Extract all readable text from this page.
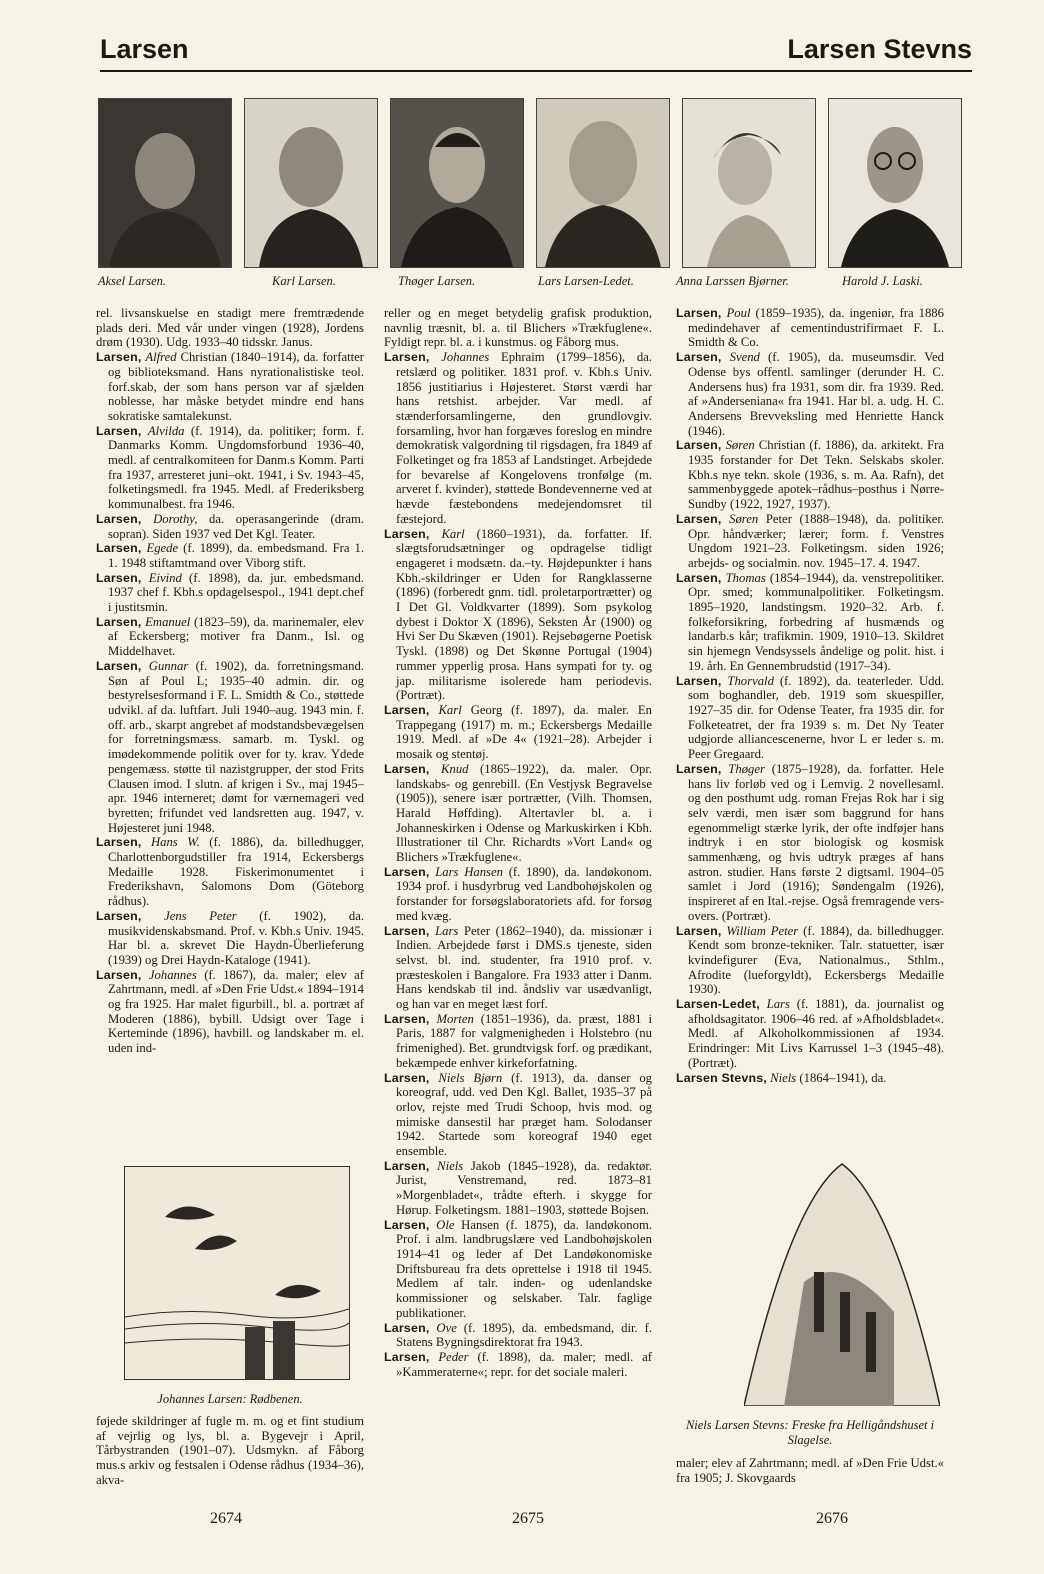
Larsen	Larsen Stevns
Aksel Larsen.	Karl Larsen.	Thøger Larsen.	Lars Larsen-Ledet.	Anna Larssen Bjørner.	Harold J. Laski.

rel. livsanskuelse en stadigt mere fremtrædende plads deri. Med vår under vingen (1928), Jordens drøm (1930). Udg. 1933–40 tidsskr. Janus.

Larsen, Alfred Christian (1840–1914), da. forfatter og biblioteksmand. Hans nyrationalistiske teol. forf.skab, der som hans person var af sjælden noblesse, har måske betydet mindre end hans sokratiske samtalekunst.

Larsen, Alvilda (f. 1914), da. politiker; form. f. Danmarks Komm. Ungdomsforbund 1936–40, medl. af centralkomiteen for Danm.s Komm. Parti fra 1937, arresteret juni–okt. 1941, i Sv. 1943–45, folketingsmedl. fra 1945. Medl. af Frederiksberg kommunalbest. fra 1946.

Larsen, Dorothy, da. operasangerinde (dram. sopran). Siden 1937 ved Det Kgl. Teater.

Larsen, Egede (f. 1899), da. embedsmand. Fra 1. 1. 1948 stiftamtmand over Viborg stift.

Larsen, Eivind (f. 1898), da. jur. embedsmand. 1937 chef f. Kbh.s opdagelsespol., 1941 dept.chef i justitsmin.

Larsen, Emanuel (1823–59), da. marinemaler, elev af Eckersberg; motiver fra Danm., Isl. og Middelhavet.

Larsen, Gunnar (f. 1902), da. forretningsmand. Søn af Poul L; 1935–40 admin. dir. og bestyrelsesformand i F. L. Smidth & Co., støttede udvikl. af da. luftfart. Juli 1940–aug. 1943 min. f. off. arb., skarpt angrebet af modstandsbevægelsen for forretningsmæss. samarb. m. Tyskl. og imødekommende politik over for ty. krav. Ydede pengemæss. støtte til nazistgrupper, der stod Frits Clausen imod. I slutn. af krigen i Sv., maj 1945–apr. 1946 interneret; dømt for værnemageri ved byretten; frifundet ved landsretten aug. 1947, v. Højesteret juni 1948.

Larsen, Hans W. (f. 1886), da. billedhugger, Charlottenborgudstiller fra 1914, Eckersbergs Medaille 1928. Fiskerimonumentet i Frederikshavn, Salomons Dom (Göteborg rådhus).

Larsen, Jens Peter (f. 1902), da. musikvidenskabsmand. Prof. v. Kbh.s Univ. 1945. Har bl. a. skrevet Die Haydn-Überlieferung (1939) og Drei Haydn-Kataloge (1941).

Larsen, Johannes (f. 1867), da. maler; elev af Zahrtmann, medl. af »Den Frie Udst.« 1894–1914 og fra 1925. Har malet figurbill., bl. a. portræt af Moderen (1886), bybill. Udsigt over Tage i Kerteminde (1896), havbill. og landskaber m. el. uden ind-

Johannes Larsen: Rødbenen.

føjede skildringer af fugle m. m. og et fint studium af vejrlig og lys, bl. a. Bygevejr i April, Tårbystranden (1901–07). Udsmykn. af Fåborg mus.s arkiv og festsalen i Odense rådhus (1934–36), akva-

reller og en meget betydelig grafisk produktion, navnlig træsnit, bl. a. til Blichers »Trækfuglene«. Fyldigt repr. bl. a. i kunstmus. og Fåborg mus.

Larsen, Johannes Ephraim (1799–1856), da. retslærd og politiker. 1831 prof. v. Kbh.s Univ. 1856 justitiarius i Højesteret. Størst værdi har hans retshist. arbejder. Var medl. af stænderforsamlingerne, den grundlovgiv. forsamling, hvor han forgæves foreslog en mindre demokratisk valgordning til rigsdagen, fra 1849 af Folketinget og fra 1853 af Landstinget. Arbejdede for bevarelse af Kongelovens tronfølge (m. arveret f. kvinder), støttede Bondevennerne ved at hævde fæstebondens medejendomsret til fæstejord.

Larsen, Karl (1860–1931), da. forfatter. If. slægtsforudsætninger og opdragelse tidligt engageret i modsætn. da.–ty. Højdepunkter i hans Kbh.-skildringer er Uden for Rangklasserne (1896) (forberedt gnm. tidl. proletarportrætter) og I Det Gl. Voldkvarter (1899). Som psykolog dybest i Doktor X (1896), Seksten År (1900) og Hvi Ser Du Skæven (1901). Rejsebøgerne Poetisk Tyskl. (1898) og Det Skønne Portugal (1904) rummer ypperlig prosa. Hans sympati for ty. og jap. militarisme isolerede ham periodevis. (Portræt).

Larsen, Karl Georg (f. 1897), da. maler. En Trappegang (1917) m. m.; Eckersbergs Medaille 1919. Medl. af »De 4« (1921–28). Arbejder i mosaik og stentøj.

Larsen, Knud (1865–1922), da. maler. Opr. landskabs- og genrebill. (En Vestjysk Begravelse (1905)), senere især portrætter, (Vilh. Thomsen, Harald Høffding). Altertavler bl. a. i Johanneskirken i Odense og Markuskirken i Kbh. Illustrationer til Chr. Richardts »Vort Land« og Blichers »Trækfuglene«.

Larsen, Lars Hansen (f. 1890), da. landøkonom. 1934 prof. i husdyrbrug ved Landbohøjskolen og forstander for forsøgslaboratoriets afd. for forsøg med kvæg.

Larsen, Lars Peter (1862–1940), da. missionær i Indien. Arbejdede først i DMS.s tjeneste, siden selvst. bl. ind. studenter, fra 1910 prof. v. præsteskolen i Bangalore. Fra 1933 atter i Danm. Hans kendskab til ind. åndsliv var usædvanligt, og han var en meget læst forf.

Larsen, Morten (1851–1936), da. præst, 1881 i Paris, 1887 for valgmenigheden i Holstebro (nu frimenighed). Bet. grundtvigsk forf. og prædikant, bekæmpede enhver kirkeforfatning.

Larsen, Niels Bjørn (f. 1913), da. danser og koreograf, udd. ved Den Kgl. Ballet, 1935–37 på orlov, rejste med Trudi Schoop, hvis mod. og mimiske dansestil har præget ham. Solodanser 1942. Startede som koreograf 1940 eget ensemble.

Larsen, Niels Jakob (1845–1928), da. redaktør. Jurist, Venstremand, red. 1873–81 »Morgenbladet«, trådte efterh. i skygge for Hørup. Folketingsm. 1881–1903, støttede Bojsen.

Larsen, Ole Hansen (f. 1875), da. landøkonom. Prof. i alm. landbrugslære ved Landbohøjskolen 1914–41 og leder af Det Landøkonomiske Driftsbureau fra dets oprettelse i 1918 til 1945. Medlem af talr. inden- og udenlandske kommissioner og selskaber. Talr. faglige publikationer.

Larsen, Ove (f. 1895), da. embedsmand, dir. f. Statens Bygningsdirektorat fra 1943.

Larsen, Peder (f. 1898), da. maler; medl. af »Kammeraterne«; repr. for det sociale maleri.

Larsen, Poul (1859–1935), da. ingeniør, fra 1886 medindehaver af cementindustrifirmaet F. L. Smidth & Co.

Larsen, Svend (f. 1905), da. museumsdir. Ved Odense bys offentl. samlinger (derunder H. C. Andersens hus) fra 1931, som dir. fra 1939. Red. af »Anderseniana« fra 1941. Har bl. a. udg. H. C. Andersens Brevveksling med Henriette Hanck (1946).

Larsen, Søren Christian (f. 1886), da. arkitekt. Fra 1935 forstander for Det Tekn. Selskabs skoler. Kbh.s nye tekn. skole (1936, s. m. Aa. Rafn), det sammenbyggede apotek–rådhus–posthus i Nørre-Sundby (1922, 1927, 1937).

Larsen, Søren Peter (1888–1948), da. politiker. Opr. håndværker; lærer; form. f. Venstres Ungdom 1921–23. Folketingsm. siden 1926; arbejds- og socialmin. nov. 1945–17. 4. 1947.

Larsen, Thomas (1854–1944), da. venstrepolitiker. Opr. smed; kommunalpolitiker. Folketingsm. 1895–1920, landstingsm. 1920–32. Arb. f. folkeforsikring, forbedring af husmænds og landarb.s kår; trafikmin. 1909, 1910–13. Skildret sin hjemegn Vendsyssels åndelige og polit. hist. i 19. årh. En Gennembrudstid (1917–34).

Larsen, Thorvald (f. 1892), da. teaterleder. Udd. som boghandler, deb. 1919 som skuespiller, 1927–35 dir. for Odense Teater, fra 1935 dir. for Folketeatret, der fra 1939 s. m. Det Ny Teater udgjorde alliancescenerne, hvor L er leder s. m. Peer Gregaard.

Larsen, Thøger (1875–1928), da. forfatter. Hele hans liv forløb ved og i Lemvig. 2 novellesaml. og den posthumt udg. roman Frejas Rok har i sig selv værdi, men især som baggrund for hans egenommeligt stærke lyrik, der ofte indføjer hans indtryk i en stor biologisk og kosmisk sammenhæng, og hvis udtryk præges af hans astron. studier. Hans første 2 digtsaml. 1904–05 samlet i Jord (1916); Søndengalm (1926), inspireret af en Ital.-rejse. Også fremragende vers-overs. (Portræt).

Larsen, William Peter (f. 1884), da. billedhugger. Kendt som bronze-tekniker. Talr. statuetter, især kvindefigurer (Eva, Nationalmus., Sthlm., Afrodite (lueforgyldt), Eckersbergs Medaille 1930).

Larsen-Ledet, Lars (f. 1881), da. journalist og afholdsagitator. 1906–46 red. af »Afholdsbladet«. Medl. af Alkoholkommissionen af 1934. Erindringer: Mit Livs Karrussel 1–3 (1945–48). (Portræt).

Larsen Stevns, Niels (1864–1941), da.

Niels Larsen Stevns: Freske fra Helligåndshuset i Slagelse.

maler; elev af Zahrtmann; medl. af »Den Frie Udst.« fra 1905; J. Skovgaards

2674	2675	2676
